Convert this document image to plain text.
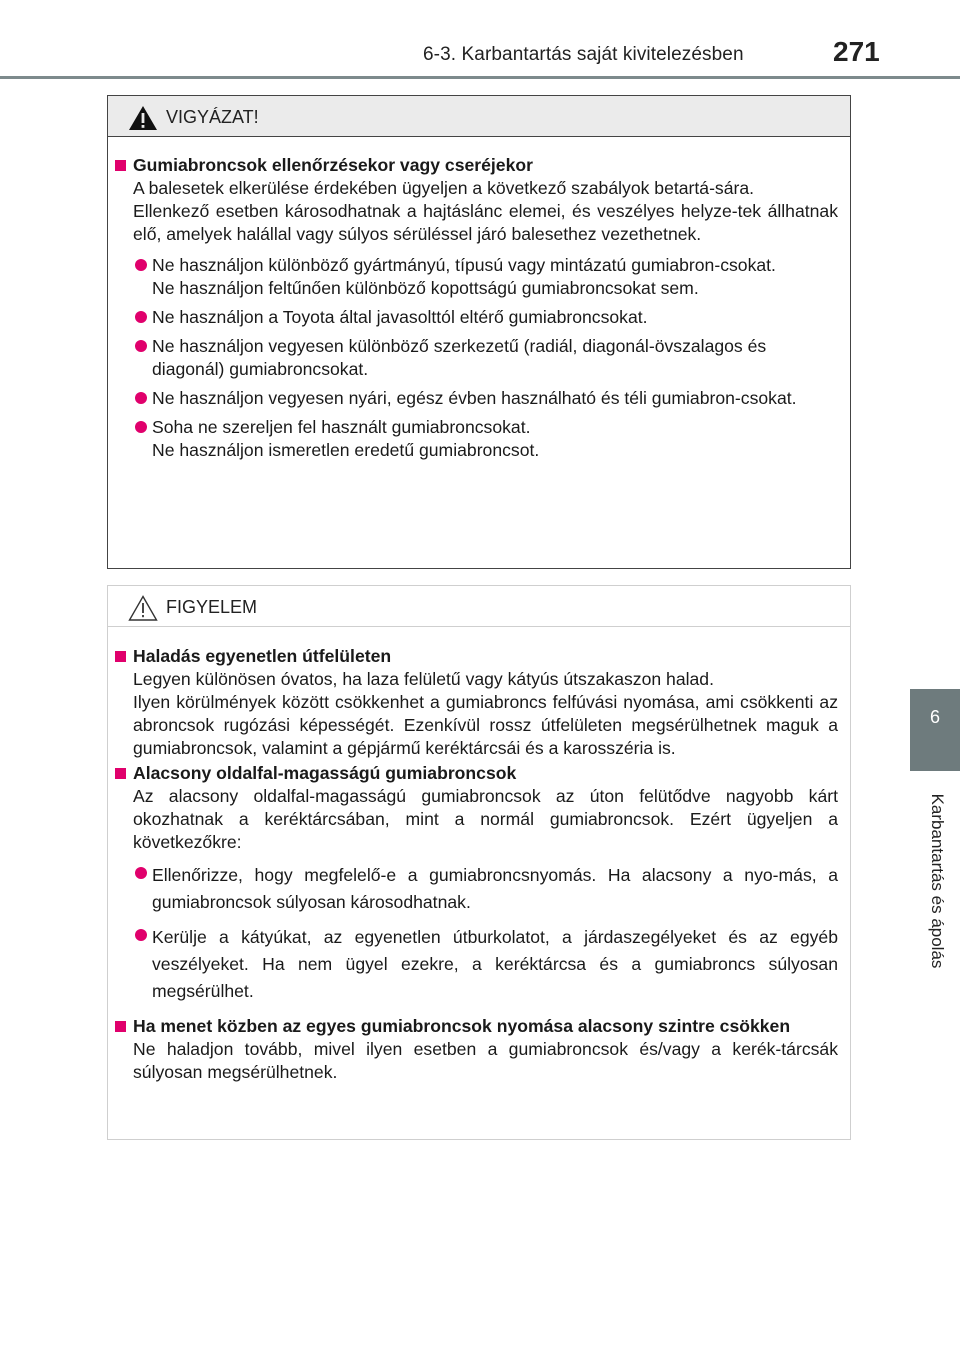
6-3. Karbantartás saját kivitelezésben	271
6
Karbantartás és ápolás
VIGYÁZAT!
Gumiabroncsok ellenőrzésekor vagy cseréjekor
A balesetek elkerülése érdekében ügyeljen a következő szabályok betartá-sára.
Ellenkező esetben károsodhatnak a hajtáslánc elemei, és veszélyes helyze-tek állhatnak elő, amelyek halállal vagy súlyos sérüléssel járó balesethez vezethetnek.
Ne használjon különböző gyártmányú, típusú vagy mintázatú gumiabron-csokat.
Ne használjon feltűnően különböző kopottságú gumiabroncsokat sem.
Ne használjon a Toyota által javasolttól eltérő gumiabroncsokat.
Ne használjon vegyesen különböző szerkezetű (radiál, diagonál-övszalagos és diagonál) gumiabroncsokat.
Ne használjon vegyesen nyári, egész évben használható és téli gumiabron-csokat.
Soha ne szereljen fel használt gumiabroncsokat.
Ne használjon ismeretlen eredetű gumiabroncsot.
FIGYELEM
Haladás egyenetlen útfelületen
Legyen különösen óvatos, ha laza felületű vagy kátyús útszakaszon halad.
Ilyen körülmények között csökkenhet a gumiabroncs felfúvási nyomása, ami csökkenti az abroncsok rugózási képességét. Ezenkívül rossz útfelületen megsérülhetnek maguk a gumiabroncsok, valamint a gépjármű keréktárcsái és a karosszéria is.
Alacsony oldalfal-magasságú gumiabroncsok
Az alacsony oldalfal-magasságú gumiabroncsok az úton felütődve nagyobb kárt okozhatnak a keréktárcsában, mint a normál gumiabroncsok. Ezért ügyeljen a következőkre:
Ellenőrizze, hogy megfelelő-e a gumiabroncsnyomás. Ha alacsony a nyo-más, a gumiabroncsok súlyosan károsodhatnak.
Kerülje a kátyúkat, az egyenetlen útburkolatot, a járdaszegélyeket és az egyéb veszélyeket. Ha nem ügyel ezekre, a keréktárcsa és a gumiabroncs súlyosan megsérülhet.
Ha menet közben az egyes gumiabroncsok nyomása alacsony szintre csökken
Ne haladjon tovább, mivel ilyen esetben a gumiabroncsok és/vagy a kerék-tárcsák súlyosan megsérülhetnek.
